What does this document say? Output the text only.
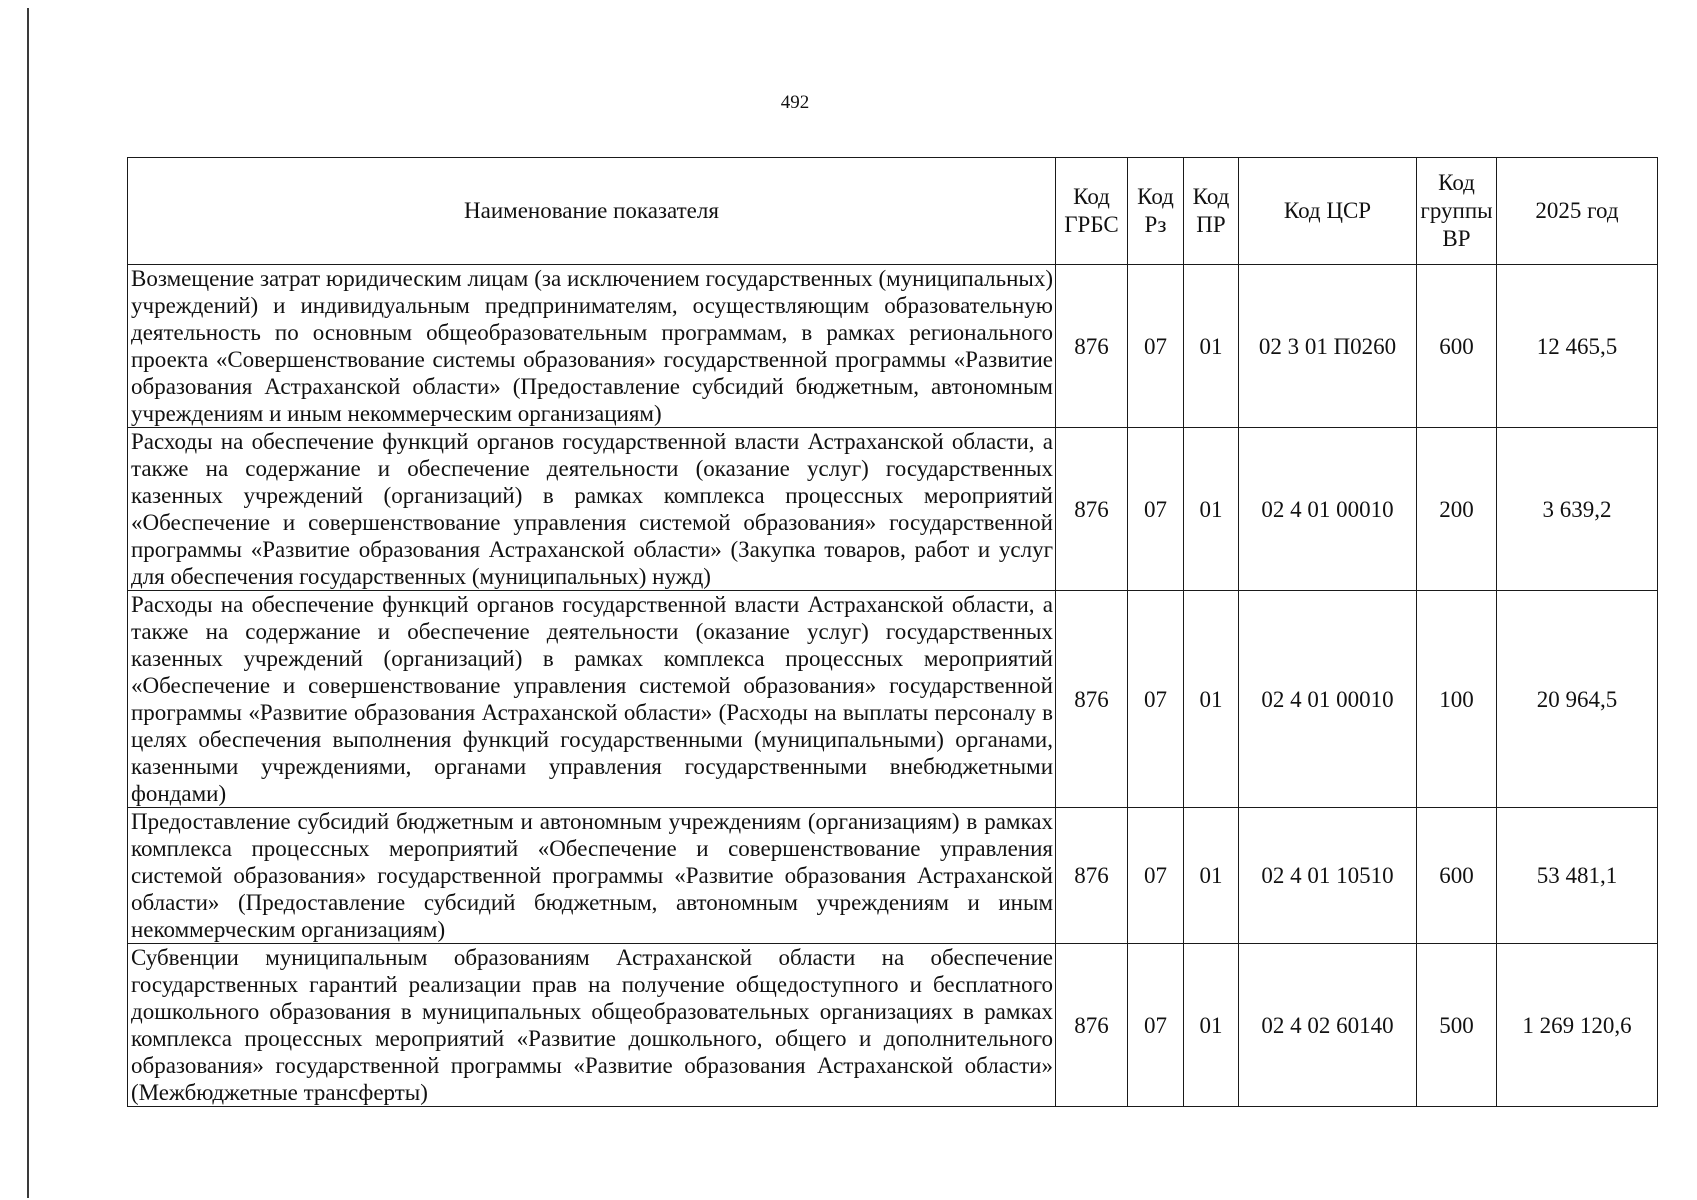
492
Наименование показателя	Код ГРБС	Код Рз	Код ПР	Код ЦСР	Код группы ВР	2025 год
Возмещение затрат юридическим лицам (за исключением государственных (муниципальных) учреждений) и индивидуальным предпринимателям, осуществляющим образовательную деятельность по основным общеобразовательным программам, в рамках регионального проекта «Совершенствование системы образования» государственной программы «Развитие образования Астраханской области» (Предоставление субсидий бюджетным, автономным учреждениям и иным некоммерческим организациям)	876	07	01	02 3 01 П0260	600	12 465,5
Расходы на обеспечение функций органов государственной власти Астраханской области, а также на содержание и обеспечение деятельности (оказание услуг) государственных казенных учреждений (организаций) в рамках комплекса процессных мероприятий «Обеспечение и совершенствование управления системой образования» государственной программы «Развитие образования Астраханской области» (Закупка товаров, работ и услуг для обеспечения государственных (муниципальных) нужд)	876	07	01	02 4 01 00010	200	3 639,2
Расходы на обеспечение функций органов государственной власти Астраханской области, а также на содержание и обеспечение деятельности (оказание услуг) государственных казенных учреждений (организаций) в рамках комплекса процессных мероприятий «Обеспечение и совершенствование управления системой образования» государственной программы «Развитие образования Астраханской области» (Расходы на выплаты персоналу в целях обеспечения выполнения функций государственными (муниципальными) органами, казенными учреждениями, органами управления государственными внебюджетными фондами)	876	07	01	02 4 01 00010	100	20 964,5
Предоставление субсидий бюджетным и автономным учреждениям (организациям) в рамках комплекса процессных мероприятий «Обеспечение и совершенствование управления системой образования» государственной программы «Развитие образования Астраханской области» (Предоставление субсидий бюджетным, автономным учреждениям и иным некоммерческим организациям)	876	07	01	02 4 01 10510	600	53 481,1
Субвенции муниципальным образованиям Астраханской области на обеспечение государственных гарантий реализации прав на получение общедоступного и бесплатного дошкольного образования в муниципальных общеобразовательных организациях в рамках комплекса процессных мероприятий «Развитие дошкольного, общего и дополнительного образования» государственной программы «Развитие образования Астраханской области» (Межбюджетные трансферты)	876	07	01	02 4 02 60140	500	1 269 120,6
